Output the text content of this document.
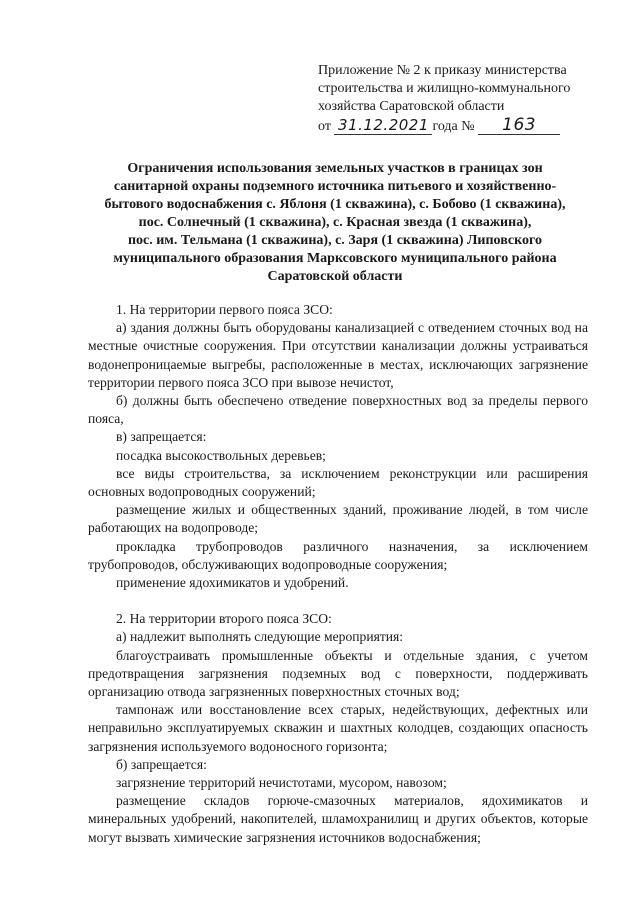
Приложение № 2 к приказу министерства
строительства и жилищно-коммунального
хозяйства Саратовской области
от 31.12.2021 года № 163
Ограничения использования земельных участков в границах зон
санитарной охраны подземного источника питьевого и хозяйственно-
бытового водоснабжения с. Яблоня (1 скважина), с. Бобово (1 скважина),
пос. Солнечный (1 скважина), с. Красная звезда (1 скважина),
пос. им. Тельмана (1 скважина), с. Заря (1 скважина) Липовского
муниципального образования Марксовского муниципального района
Саратовской области

1. На территории первого пояса ЗСО:

а) здания должны быть оборудованы канализацией с отведением сточных вод на местные очистные сооружения. При отсутствии канализации должны устраиваться водонепроницаемые выгребы, расположенные в местах, исключающих загрязнение территории первого пояса ЗСО при вывозе нечистот,

б) должны быть обеспечено отведение поверхностных вод за пределы первого пояса,

в) запрещается:

посадка высокоствольных деревьев;

все виды строительства, за исключением реконструкции или расширения основных водопроводных сооружений;

размещение жилых и общественных зданий, проживание людей, в том числе работающих на водопроводе;

прокладка трубопроводов различного назначения, за исключением трубопроводов, обслуживающих водопроводные сооружения;

применение ядохимикатов и удобрений.

2. На территории второго пояса ЗСО:

а) надлежит выполнять следующие мероприятия:

благоустраивать промышленные объекты и отдельные здания, с учетом предотвращения загрязнения подземных вод с поверхности, поддерживать организацию отвода загрязненных поверхностных сточных вод;

тампонаж или восстановление всех старых, недействующих, дефектных или неправильно эксплуатируемых скважин и шахтных колодцев, создающих опасность загрязнения используемого водоносного горизонта;

б) запрещается:

загрязнение территорий нечистотами, мусором, навозом;

размещение складов горюче-смазочных материалов, ядохимикатов и минеральных удобрений, накопителей, шламохранилищ и других объектов, которые могут вызвать химические загрязнения источников водоснабжения;
